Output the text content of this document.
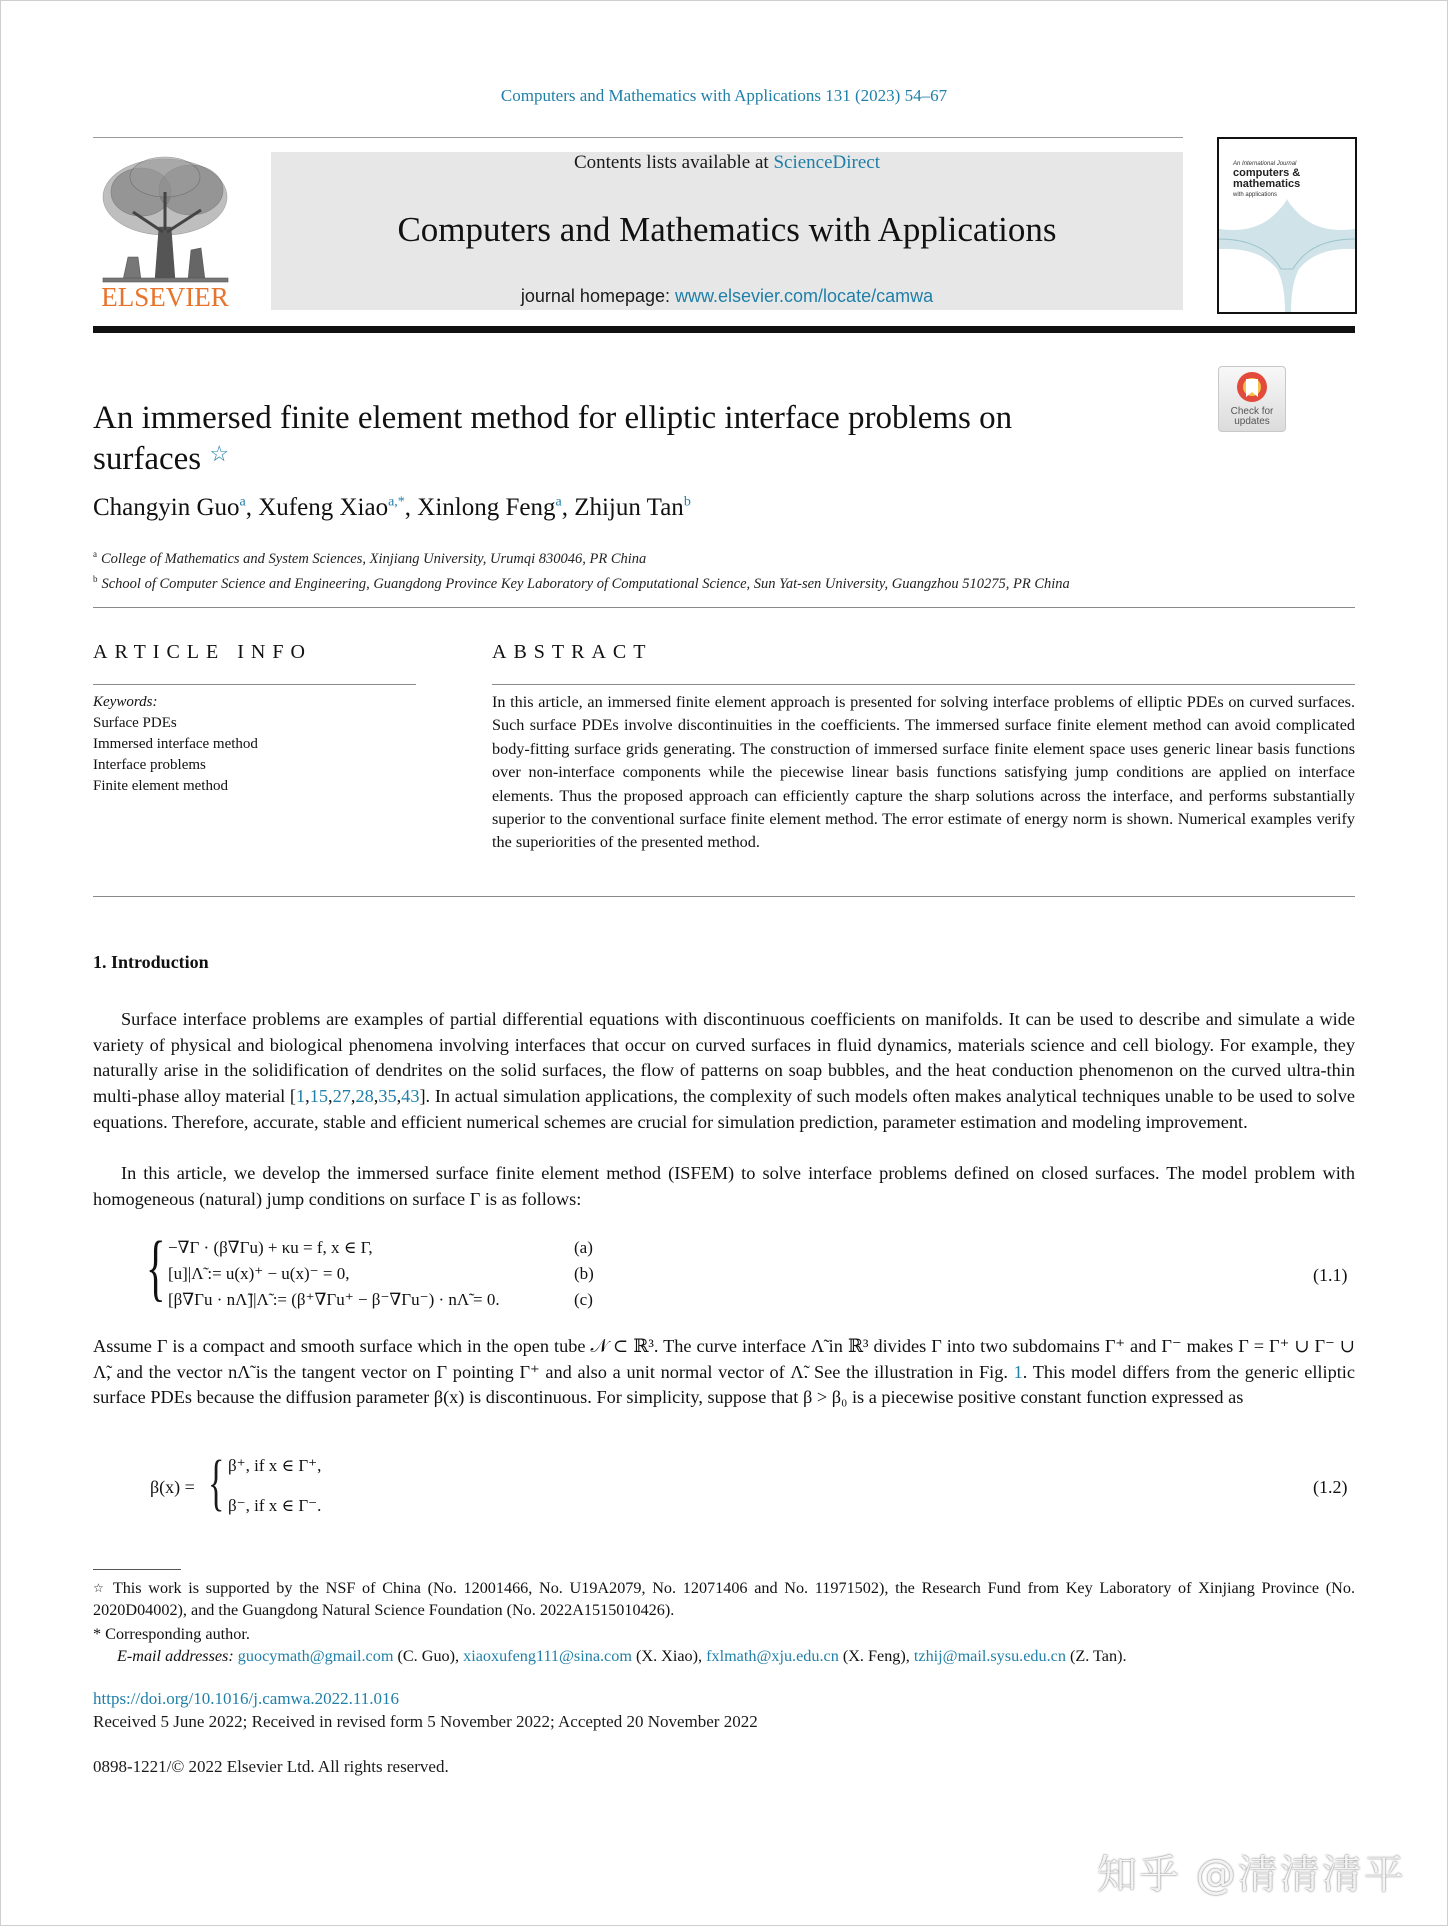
Computers and Mathematics with Applications 131 (2023) 54–67
ELSEVIER
Contents lists available at ScienceDirect
Computers and Mathematics with Applications
journal homepage: www.elsevier.com/locate/camwa
An International Journal
computers &
mathematics
with applications
Check for updates
An immersed finite element method for elliptic interface problems on
surfaces ☆
Changyin Guo$^a$, Xufeng Xiao$^{a,*}$, Xinlong Feng$^a$, Zhijun Tan$^b$
$^a$ College of Mathematics and System Sciences, Xinjiang University, Urumqi 830046, PR China
$^b$ School of Computer Science and Engineering, Guangdong Province Key Laboratory of Computational Science, Sun Yat-sen University, Guangzhou 510275, PR China
ARTICLE INFO
Keywords:
Surface PDEs
Immersed interface method
Interface problems
Finite element method
ABSTRACT
In this article, an immersed finite element approach is presented for solving interface problems of elliptic PDEs on curved surfaces. Such surface PDEs involve discontinuities in the coefficients. The immersed surface finite element method can avoid complicated body-fitting surface grids generating. The construction of immersed surface finite element space uses generic linear basis functions over non-interface components while the piecewise linear basis functions satisfying jump conditions are applied on interface elements. Thus the proposed approach can efficiently capture the sharp solutions across the interface, and performs substantially superior to the conventional surface finite element method. The error estimate of energy norm is shown. Numerical examples verify the superiorities of the presented method.
1. Introduction
Surface interface problems are examples of partial differential equations with discontinuous coefficients on manifolds. It can be used to describe and simulate a wide variety of physical and biological phenomena involving interfaces that occur on curved surfaces in fluid dynamics, materials science and cell biology. For example, they naturally arise in the solidification of dendrites on the solid surfaces, the flow of patterns on soap bubbles, and the heat conduction phenomenon on the curved ultra-thin multi-phase alloy material [1,15,27,28,35,43]. In actual simulation applications, the complexity of such models often makes analytical techniques unable to be used to solve equations. Therefore, accurate, stable and efficient numerical schemes are crucial for simulation prediction, parameter estimation and modeling improvement.
In this article, we develop the immersed surface finite element method (ISFEM) to solve interface problems defined on closed surfaces. The model problem with homogeneous (natural) jump conditions on surface Γ is as follows:
{ −∇Γ · (β∇Γu) + κu = f, x ∈ Γ,
[u]|Λ̃ := u(x)⁺ − u(x)⁻ = 0,
[β∇Γu · nΛ̃]|Λ̃ := (β⁺∇Γu⁺ − β⁻∇Γu⁻) · nΛ̃ = 0.
(a)
(b)
(c)
(1.1)
Assume Γ is a compact and smooth surface which in the open tube 𝒩 ⊂ ℝ³. The curve interface Λ̃ in ℝ³ divides Γ into two subdomains Γ⁺ and Γ⁻ makes Γ = Γ⁺ ∪ Γ⁻ ∪ Λ̃, and the vector nΛ̃ is the tangent vector on Γ pointing Γ⁺ and also a unit normal vector of Λ̃. See the illustration in Fig. 1. This model differs from the generic elliptic surface PDEs because the diffusion parameter β(x) is discontinuous. For simplicity, suppose that β > β₀ is a piecewise positive constant function expressed as
β(x) = { β⁺, if x ∈ Γ⁺,
β⁻, if x ∈ Γ⁻.
(1.2)
☆ This work is supported by the NSF of China (No. 12001466, No. U19A2079, No. 12071406 and No. 11971502), the Research Fund from Key Laboratory of Xinjiang Province (No. 2020D04002), and the Guangdong Natural Science Foundation (No. 2022A1515010426).
* Corresponding author.
E-mail addresses: guocymath@gmail.com (C. Guo), xiaoxufeng111@sina.com (X. Xiao), fxlmath@xju.edu.cn (X. Feng), tzhij@mail.sysu.edu.cn (Z. Tan).
https://doi.org/10.1016/j.camwa.2022.11.016
Received 5 June 2022; Received in revised form 5 November 2022; Accepted 20 November 2022
0898-1221/© 2022 Elsevier Ltd. All rights reserved.
知乎 @清清清平
